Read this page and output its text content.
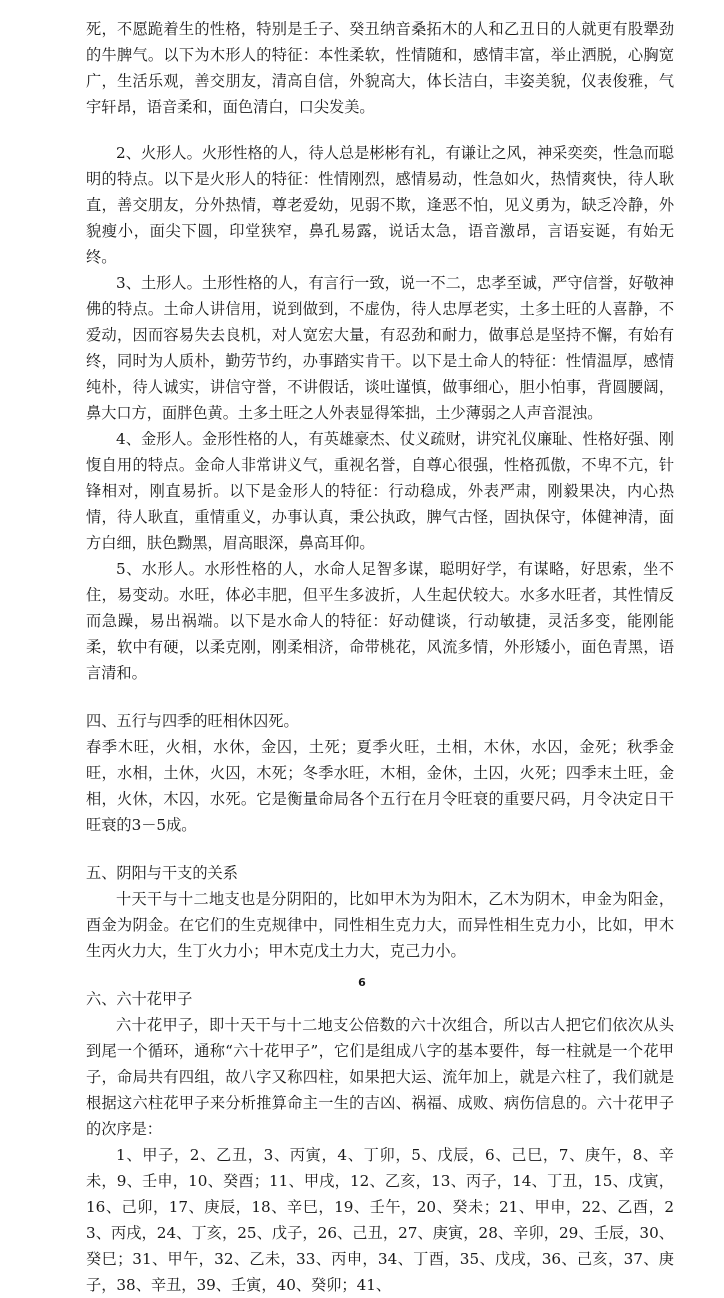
死，不愿跪着生的性格，特别是壬子、癸丑纳音桑拓木的人和乙丑日的人就更有股犟劲的牛脾气。以下为木形人的特征：本性柔软，性情随和，感情丰富，举止洒脱，心胸宽广，生活乐观，善交朋友，清高自信，外貌高大，体长洁白，丰姿美貌，仪表俊雅，气宇轩昂，语音柔和，面色清白，口尖发美。

2、火形人。火形性格的人，待人总是彬彬有礼，有谦让之风，神采奕奕，性急而聪明的特点。以下是火形人的特征：性情刚烈，感情易动，性急如火，热情爽快，待人耿直，善交朋友，分外热情，尊老爱幼，见弱不欺，逢恶不怕，见义勇为，缺乏冷静，外貌瘦小，面尖下圆，印堂狭窄，鼻孔易露，说话太急，语音激昂，言语妄诞，有始无终。

3、土形人。土形性格的人，有言行一致，说一不二，忠孝至诚，严守信誉，好敬神佛的特点。土命人讲信用，说到做到，不虚伪，待人忠厚老实，土多土旺的人喜静，不爱动，因而容易失去良机，对人宽宏大量，有忍劲和耐力，做事总是坚持不懈，有始有终，同时为人质朴，勤劳节约，办事踏实肯干。以下是土命人的特征：性情温厚，感情纯朴，待人诚实，讲信守誉，不讲假话，谈吐谨慎，做事细心，胆小怕事，背圆腰阔，鼻大口方，面胖色黄。土多土旺之人外表显得笨拙，土少薄弱之人声音混浊。

4、金形人。金形性格的人，有英雄豪杰、仗义疏财，讲究礼仪廉耻、性格好强、刚愎自用的特点。金命人非常讲义气，重视名誉，自尊心很强，性格孤傲，不卑不亢，针锋相对，刚直易折。以下是金形人的特征：行动稳成，外表严肃，刚毅果决，内心热情，待人耿直，重情重义，办事认真，秉公执政，脾气古怪，固执保守，体健神清，面方白细，肤色黝黑，眉高眼深，鼻高耳仰。

5、水形人。水形性格的人，水命人足智多谋，聪明好学，有谋略，好思索，坐不住，易变动。水旺，体必丰肥，但平生多波折，人生起伏较大。水多水旺者，其性情反而急躁，易出祸端。以下是水命人的特征：好动健谈，行动敏捷，灵活多变，能刚能柔，软中有硬，以柔克刚，刚柔相济，命带桃花，风流多情，外形矮小，面色青黑，语言清和。

四、五行与四季的旺相休囚死。

春季木旺，火相，水休，金囚，土死；夏季火旺，土相，木休，水囚，金死；秋季金旺，水相，土休，火囚，木死；冬季水旺，木相，金休，土囚，火死；四季末土旺，金相，火休，木囚，水死。它是衡量命局各个五行在月令旺衰的重要尺码，月令决定日干旺衰的3－5成。

五、阴阳与干支的关系

十天干与十二地支也是分阴阳的，比如甲木为为阳木，乙木为阴木，申金为阳金，酉金为阴金。在它们的生克规律中，同性相生克力大，而异性相生克力小，比如，甲木生丙火力大，生丁火力小；甲木克戊土力大，克己力小。

六、六十花甲子

六十花甲子，即十天干与十二地支公倍数的六十次组合，所以古人把它们依次从头到尾一个循环，通称“六十花甲子”，它们是组成八字的基本要件，每一柱就是一个花甲子，命局共有四组，故八字又称四柱，如果把大运、流年加上，就是六柱了，我们就是根据这六柱花甲子来分析推算命主一生的吉凶、祸福、成败、病伤信息的。六十花甲子的次序是：

1、甲子，2、乙丑，3、丙寅，4、丁卯，5、戊辰，6、己巳，7、庚午，8、辛未，9、壬申，10、癸酉；11、甲戌，12、乙亥，13、丙子，14、丁丑，15、戊寅，16、己卯，17、庚辰，18、辛巳，19、壬午，20、癸未；21、甲申，22、乙酉，23、丙戌，24、丁亥，25、戊子，26、己丑，27、庚寅，28、辛卯，29、壬辰，30、癸巳；31、甲午，32、乙未，33、丙申，34、丁酉，35、戊戌，36、己亥，37、庚子，38、辛丑，39、壬寅，40、癸卯；41、

6
